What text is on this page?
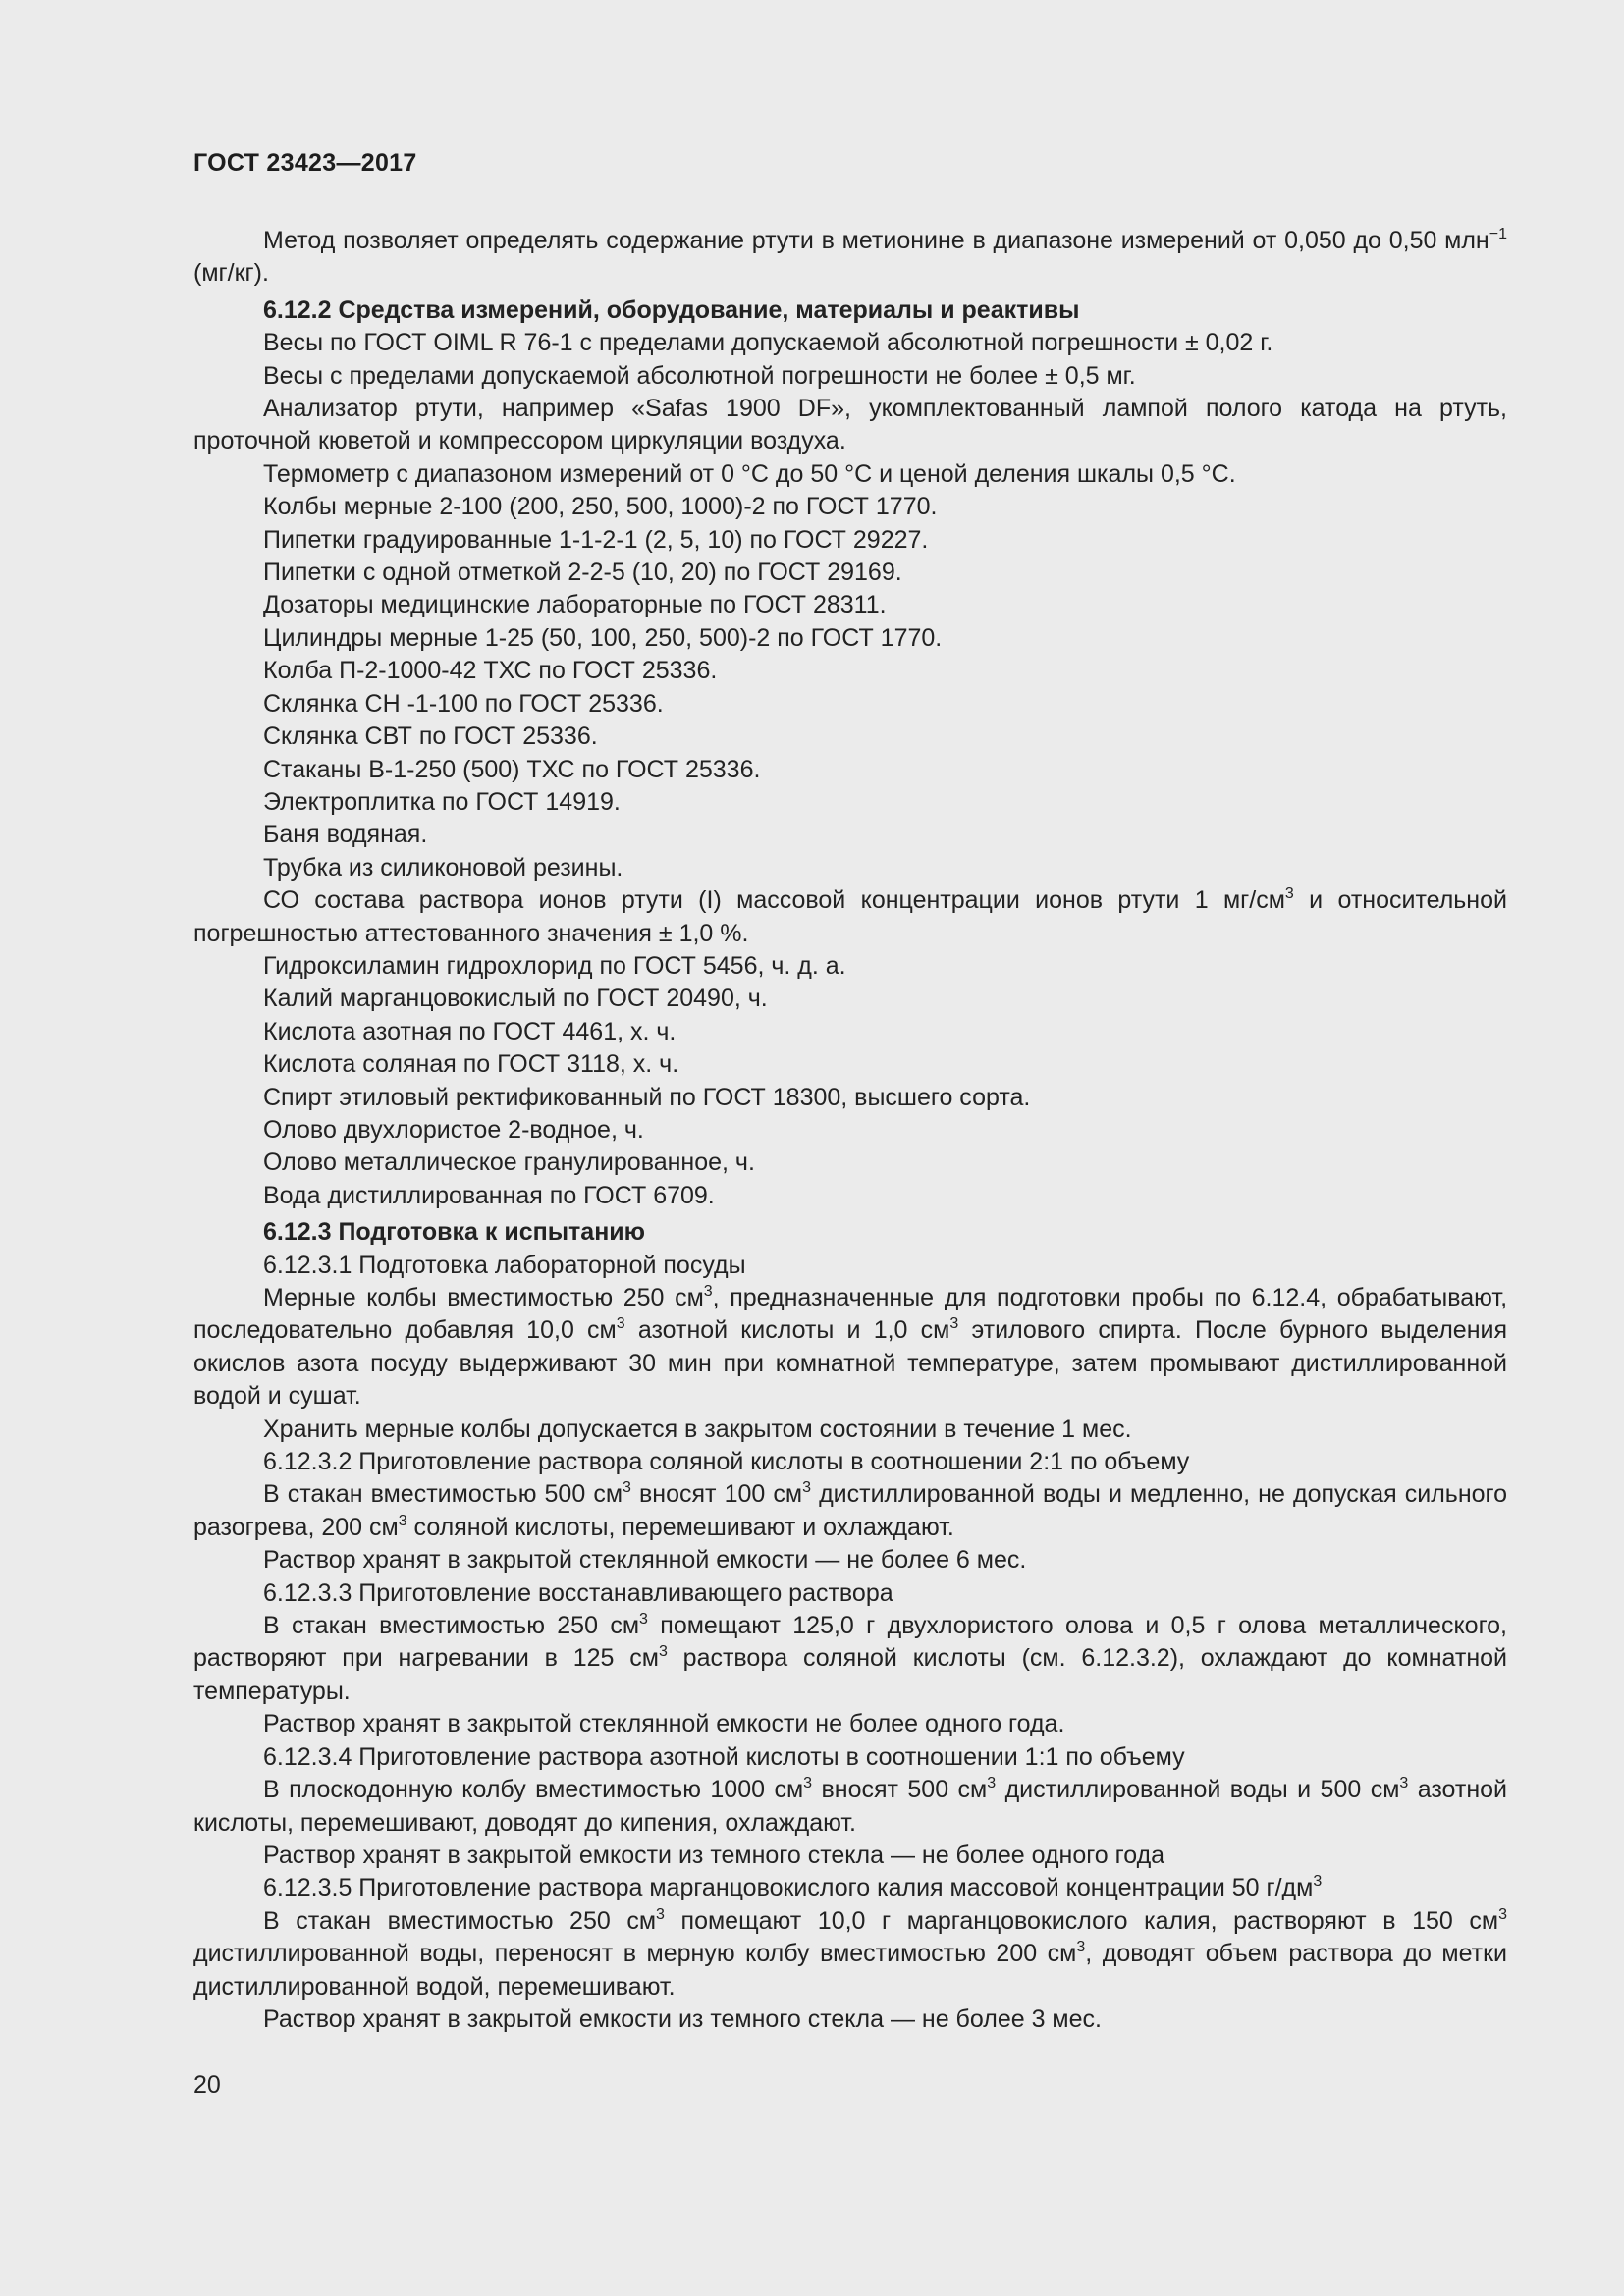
ГОСТ 23423—2017

Метод позволяет определять содержание ртути в метионине в диапазоне измерений от 0,050 до 0,50 млн$^{-1}$ (мг/кг).

6.12.2 Средства измерений, оборудование, материалы и реактивы

Весы по ГОСТ OIML R 76-1 с пределами допускаемой абсолютной погрешности ± 0,02 г.

Весы с пределами допускаемой абсолютной погрешности не более ± 0,5 мг.

Анализатор ртути, например «Safas 1900 DF», укомплектованный лампой полого катода на ртуть, проточной кюветой и компрессором циркуляции воздуха.

Термометр с диапазоном измерений от 0 °С до 50 °С и ценой деления шкалы 0,5 °С.

Колбы мерные 2-100 (200, 250, 500, 1000)-2 по ГОСТ 1770.

Пипетки градуированные 1-1-2-1 (2, 5, 10) по ГОСТ 29227.

Пипетки с одной отметкой 2-2-5 (10, 20) по ГОСТ 29169.

Дозаторы медицинские лабораторные по ГОСТ 28311.

Цилиндры мерные 1-25 (50, 100, 250, 500)-2 по ГОСТ 1770.

Колба П-2-1000-42 ТХС по ГОСТ 25336.

Склянка СН -1-100 по ГОСТ 25336.

Склянка СВТ по ГОСТ 25336.

Стаканы В-1-250 (500) ТХС по ГОСТ 25336.

Электроплитка по ГОСТ 14919.

Баня водяная.

Трубка из силиконовой резины.

СО состава раствора ионов ртути (I) массовой концентрации ионов ртути 1 $мг/см^3$ и относительной погрешностью аттестованного значения ± 1,0 %.

Гидроксиламин гидрохлорид по ГОСТ 5456, ч. д. а.

Калий марганцовокислый по ГОСТ 20490, ч.

Кислота азотная по ГОСТ 4461, х. ч.

Кислота соляная по ГОСТ 3118, х. ч.

Спирт этиловый ректификованный по ГОСТ 18300, высшего сорта.

Олово двухлористое 2-водное, ч.

Олово металлическое гранулированное, ч.

Вода дистиллированная по ГОСТ 6709.

6.12.3 Подготовка к испытанию

6.12.3.1 Подготовка лабораторной посуды

Мерные колбы вместимостью 250 $см^3$, предназначенные для подготовки пробы по 6.12.4, обрабатывают, последовательно добавляя 10,0 $см^3$ азотной кислоты и 1,0 $см^3$ этилового спирта. После бурного выделения окислов азота посуду выдерживают 30 мин при комнатной температуре, затем промывают дистиллированной водой и сушат.

Хранить мерные колбы допускается в закрытом состоянии в течение 1 мес.

6.12.3.2 Приготовление раствора соляной кислоты в соотношении 2:1 по объему

В стакан вместимостью 500 $см^3$ вносят 100 $см^3$ дистиллированной воды и медленно, не допуская сильного разогрева, 200 $см^3$ соляной кислоты, перемешивают и охлаждают.

Раствор хранят в закрытой стеклянной емкости — не более 6 мес.

6.12.3.3 Приготовление восстанавливающего раствора

В стакан вместимостью 250 $см^3$ помещают 125,0 г двухлористого олова и 0,5 г олова металлического, растворяют при нагревании в 125 $см^3$ раствора соляной кислоты (см. 6.12.3.2), охлаждают до комнатной температуры.

Раствор хранят в закрытой стеклянной емкости не более одного года.

6.12.3.4 Приготовление раствора азотной кислоты в соотношении 1:1 по объему

В плоскодонную колбу вместимостью 1000 $см^3$ вносят 500 $см^3$ дистиллированной воды и 500 $см^3$ азотной кислоты, перемешивают, доводят до кипения, охлаждают.

Раствор хранят в закрытой емкости из темного стекла — не более одного года

6.12.3.5 Приготовление раствора марганцовокислого калия массовой концентрации 50 $г/дм^3$

В стакан вместимостью 250 $см^3$ помещают 10,0 г марганцовокислого калия, растворяют в 150 $см^3$ дистиллированной воды, переносят в мерную колбу вместимостью 200 $см^3$, доводят объем раствора до метки дистиллированной водой, перемешивают.

Раствор хранят в закрытой емкости из темного стекла — не более 3 мес.

20
